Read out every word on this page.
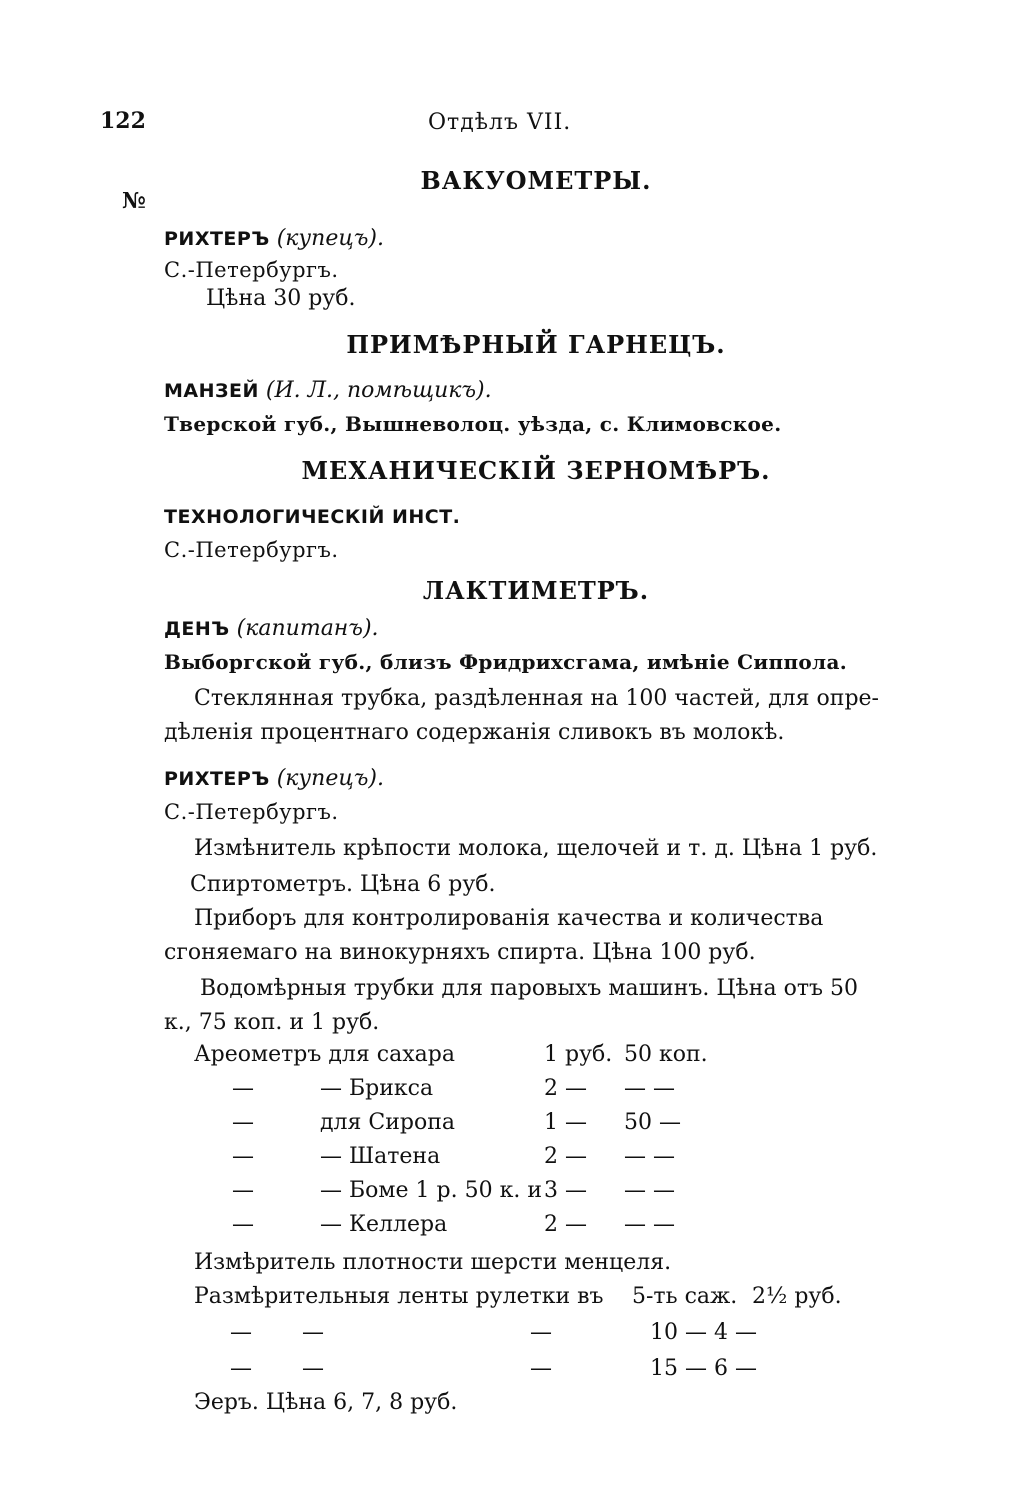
122	Отдѣлъ VII.
№
ВАКУОМЕТРЫ.
РИХТЕРЪ (купецъ).
С.-Петербургъ.
Цѣна 30 руб.
ПРИМѢРНЫЙ ГАРНЕЦЪ.
МАНЗЕЙ (И. Л., помѣщикъ).
Тверской губ., Вышневолоц. уѣзда, с. Климовское.
МЕХАНИЧЕСКІЙ ЗЕРНОМѢРЪ.
ТЕХНОЛОГИЧЕСКІЙ ИНСТ.
С.-Петербургъ.
ЛАКТИМЕТРЪ.
ДЕНЪ (капитанъ).
Выборгской губ., близъ Фридрихсгама, имѣніе Сиппола.
Стеклянная трубка, раздѣленная на 100 частей, для опре-
дѣленія процентнаго содержанія сливокъ въ молокѣ.
РИХТЕРЪ (купецъ).
С.-Петербургъ.
Измѣнитель крѣпости молока, щелочей и т. д. Цѣна 1 руб.
Спиртометръ. Цѣна 6 руб.
Приборъ для контролированія качества и количества
сгоняемаго на винокурняхъ спирта. Цѣна 100 руб.
Водомѣрныя трубки для паровыхъ машинъ. Цѣна отъ 50
к., 75 коп. и 1 руб.
Ареометръ для сахара	1 руб. 50 коп.
—	— Брикса	2 — — —
—	для Сиропа	1 — 50 —
—	— Шатена	2 — — —
—	— Боме 1 р. 50 к. и 3 — — —
—	— Келлера	2 — — —
Измѣритель плотности шерсти менцеля.
Размѣрительныя ленты рулетки въ 5-ть саж. 2½ руб.
— —	—	10 — 4 —
— —	—	15 — 6 —
Эеръ. Цѣна 6, 7, 8 руб.
